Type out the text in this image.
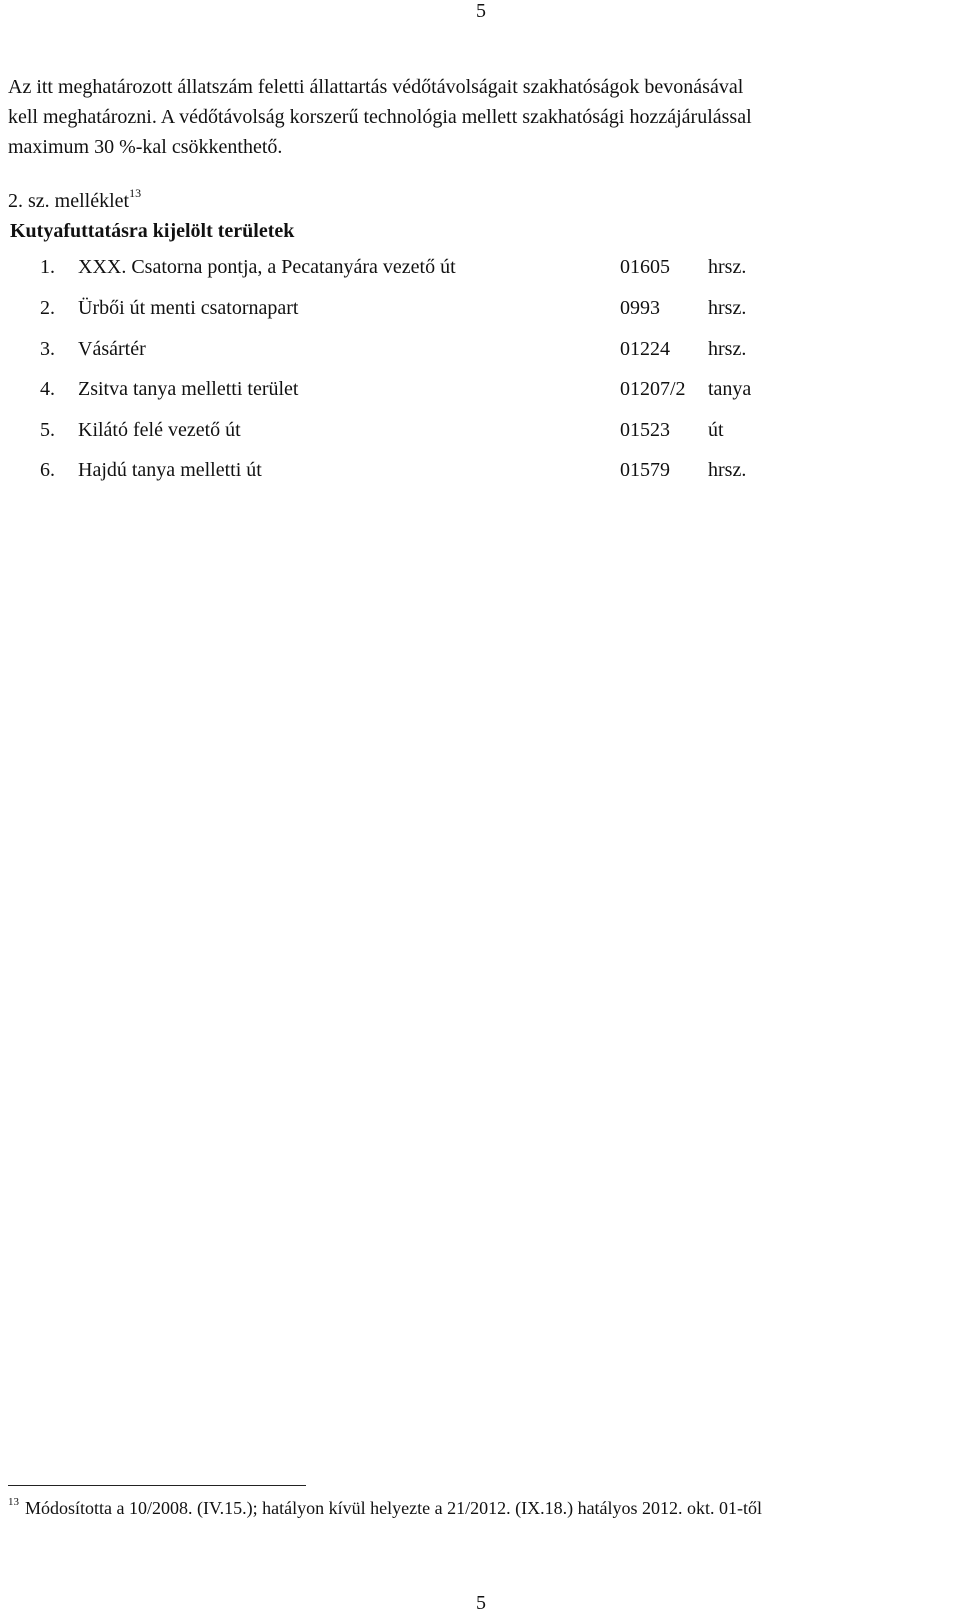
5
Az itt meghatározott állatszám feletti állattartás védőtávolságait szakhatóságok bevonásával
kell meghatározni. A védőtávolság korszerű technológia mellett szakhatósági hozzájárulással
maximum 30 %-kal csökkenthető.
2. sz. melléklet$^{13}$
Kutyafuttatásra kijelölt területek
1. XXX. Csatorna pontja, a Pecatanyára vezető út	01605 hrsz.
2. Ürbői út menti csatornapart	0993 hrsz.
3. Vásártér	01224 hrsz.
4. Zsitva tanya melletti terület	01207/2 tanya
5. Kilátó felé vezető út	01523 út
6. Hajdú tanya melletti út	01579 hrsz.
$^{13}$ Módosította a 10/2008. (IV.15.); hatályon kívül helyezte a 21/2012. (IX.18.) hatályos 2012. okt. 01-től
5
